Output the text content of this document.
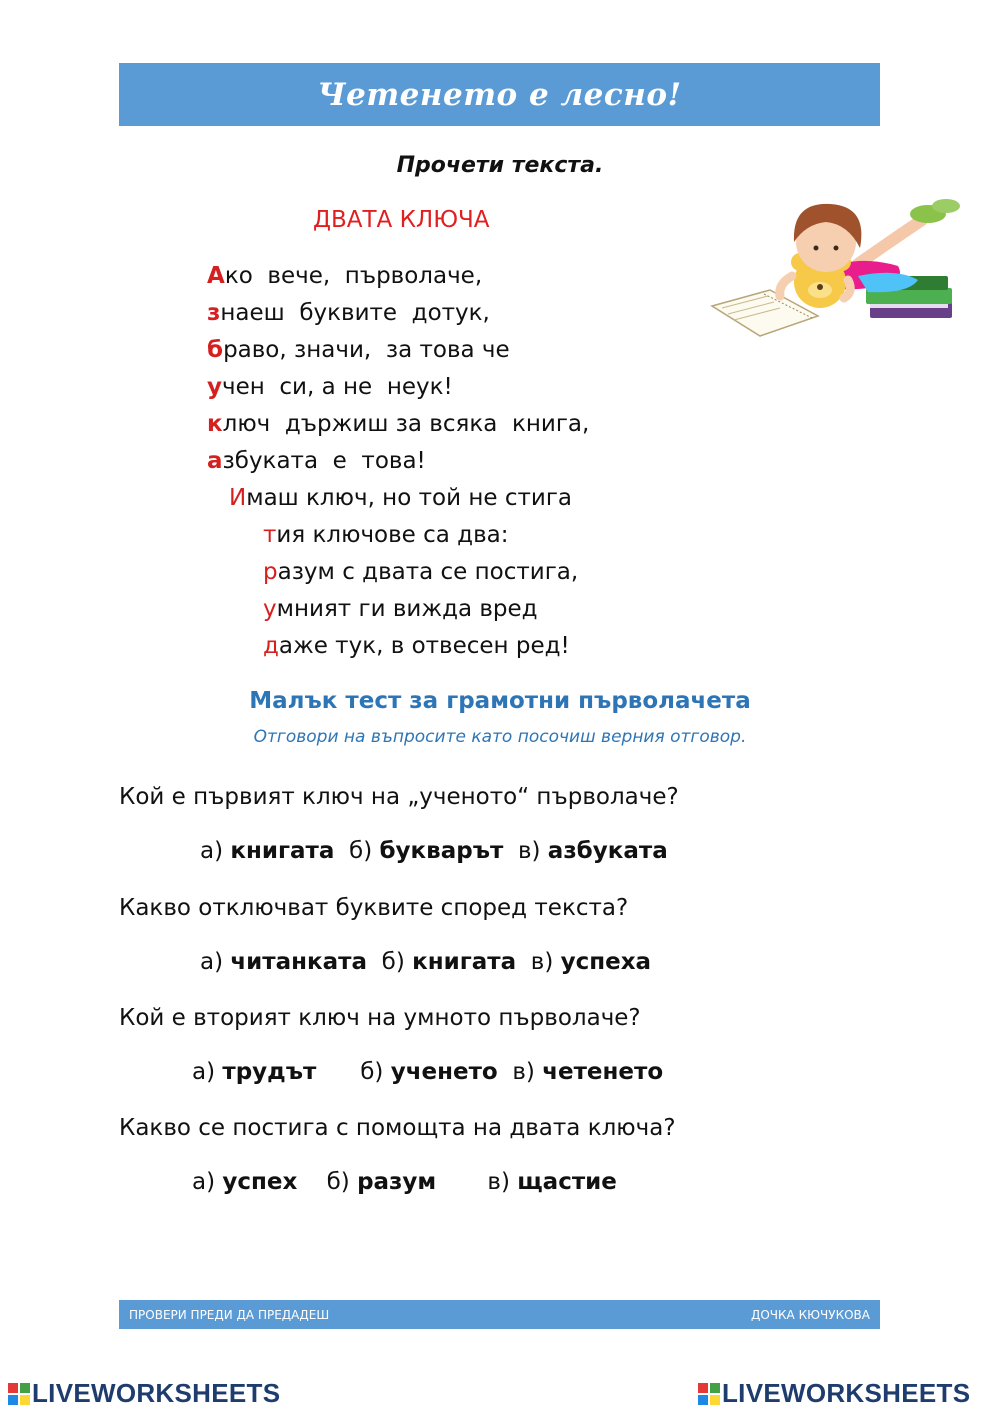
Четенето е лесно!
Прочети текста.
ДВАТА КЛЮЧА
Ако  вече,  първолаче,
знаеш  буквите  дотук,
браво, значи,  за това че
учен  си, а не  неук!
ключ  държиш за всяка  книга,
азбуката  е  това!
Имаш ключ, но той не стига
тия ключове са два:
разум с двата се постига,
умният ги вижда вред
даже тук, в отвесен ред!
Малък тест за грамотни първолачета
Отговори на въпросите като посочиш верния отговор.
Кой е първият ключ на „ученото“ първолаче?
а) книгата б) букварът в) азбуката
Какво отключват буквите според текста?
а) читанката б) книгата в) успеха
Кой е вторият ключ на умното първолаче?
а) трудът б) ученето в) четенето
Какво се постига с помощта на двата ключа?
а) успех б) разум в) щастие
ПРОВЕРИ ПРЕДИ ДА ПРЕДАДЕШ	ДОЧКА КЮЧУКОВА
LIVEWORKSHEETS	LIVEWORKSHEETS
